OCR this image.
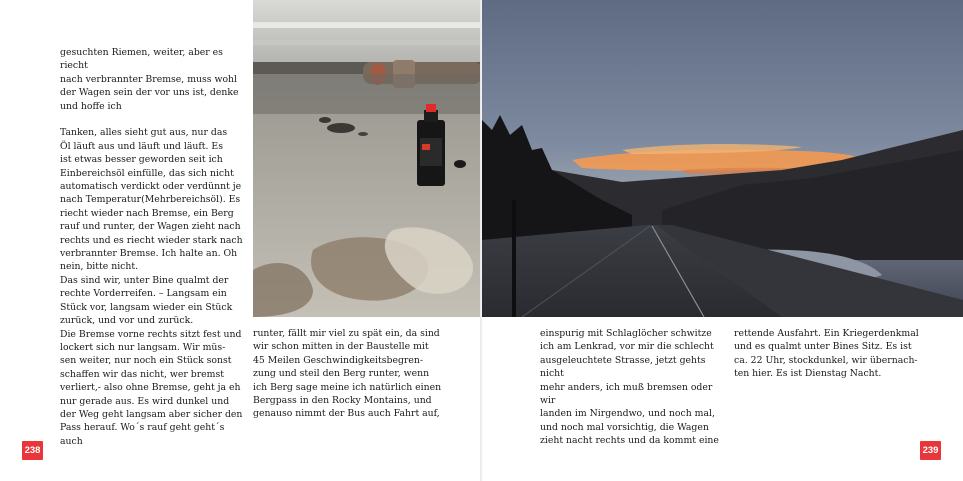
gesuchten Riemen, weiter, aber es riecht

nach verbrannter Bremse, muss wohl

der Wagen sein der vor uns ist, denke

und hoffe ich

Tanken, alles sieht gut aus, nur das

Öl läuft aus und läuft und läuft. Es

ist etwas besser geworden seit ich

Einbereichsöl einfülle, das sich nicht

automatisch verdickt oder verdünnt je

nach Temperatur(Mehrbereichsöl). Es

riecht wieder nach Bremse, ein Berg

rauf und runter, der Wagen zieht nach

rechts und es riecht wieder stark nach

verbrannter Bremse. Ich halte an. Oh

nein, bitte nicht.

Das sind wir, unter Bine qualmt der

rechte Vorderreifen. – Langsam ein

Stück vor, langsam wieder ein Stück

zurück, und vor und zurück.

Die Bremse vorne rechts sitzt fest und

lockert sich nur langsam. Wir müs-

sen weiter, nur noch ein Stück sonst

schaffen wir das nicht, wer bremst

verliert,- also ohne Bremse, geht ja eh

nur gerade aus. Es wird dunkel und

der Weg geht langsam aber sicher den

Pass herauf. Wo´s rauf geht geht´s auch

runter, fällt mir viel zu spät ein, da sind

wir schon mitten in der Baustelle mit

45 Meilen Geschwindigkeitsbegren-

zung und steil den Berg runter, wenn

ich Berg sage meine ich natürlich einen

Bergpass in den Rocky Montains, und

genauso nimmt der Bus auch Fahrt auf,

einspurig mit Schlaglöcher schwitze

ich am Lenkrad, vor mir die schlecht

ausgeleuchtete Strasse, jetzt gehts nicht

mehr anders, ich muß bremsen oder wir

landen im Nirgendwo, und noch mal,

und noch mal vorsichtig, die Wagen

zieht nacht rechts und da kommt eine

rettende Ausfahrt. Ein Kriegerdenkmal

und es qualmt unter Bines Sitz. Es ist

ca. 22 Uhr, stockdunkel, wir übernach-

ten hier. Es ist Dienstag Nacht.

238	239
